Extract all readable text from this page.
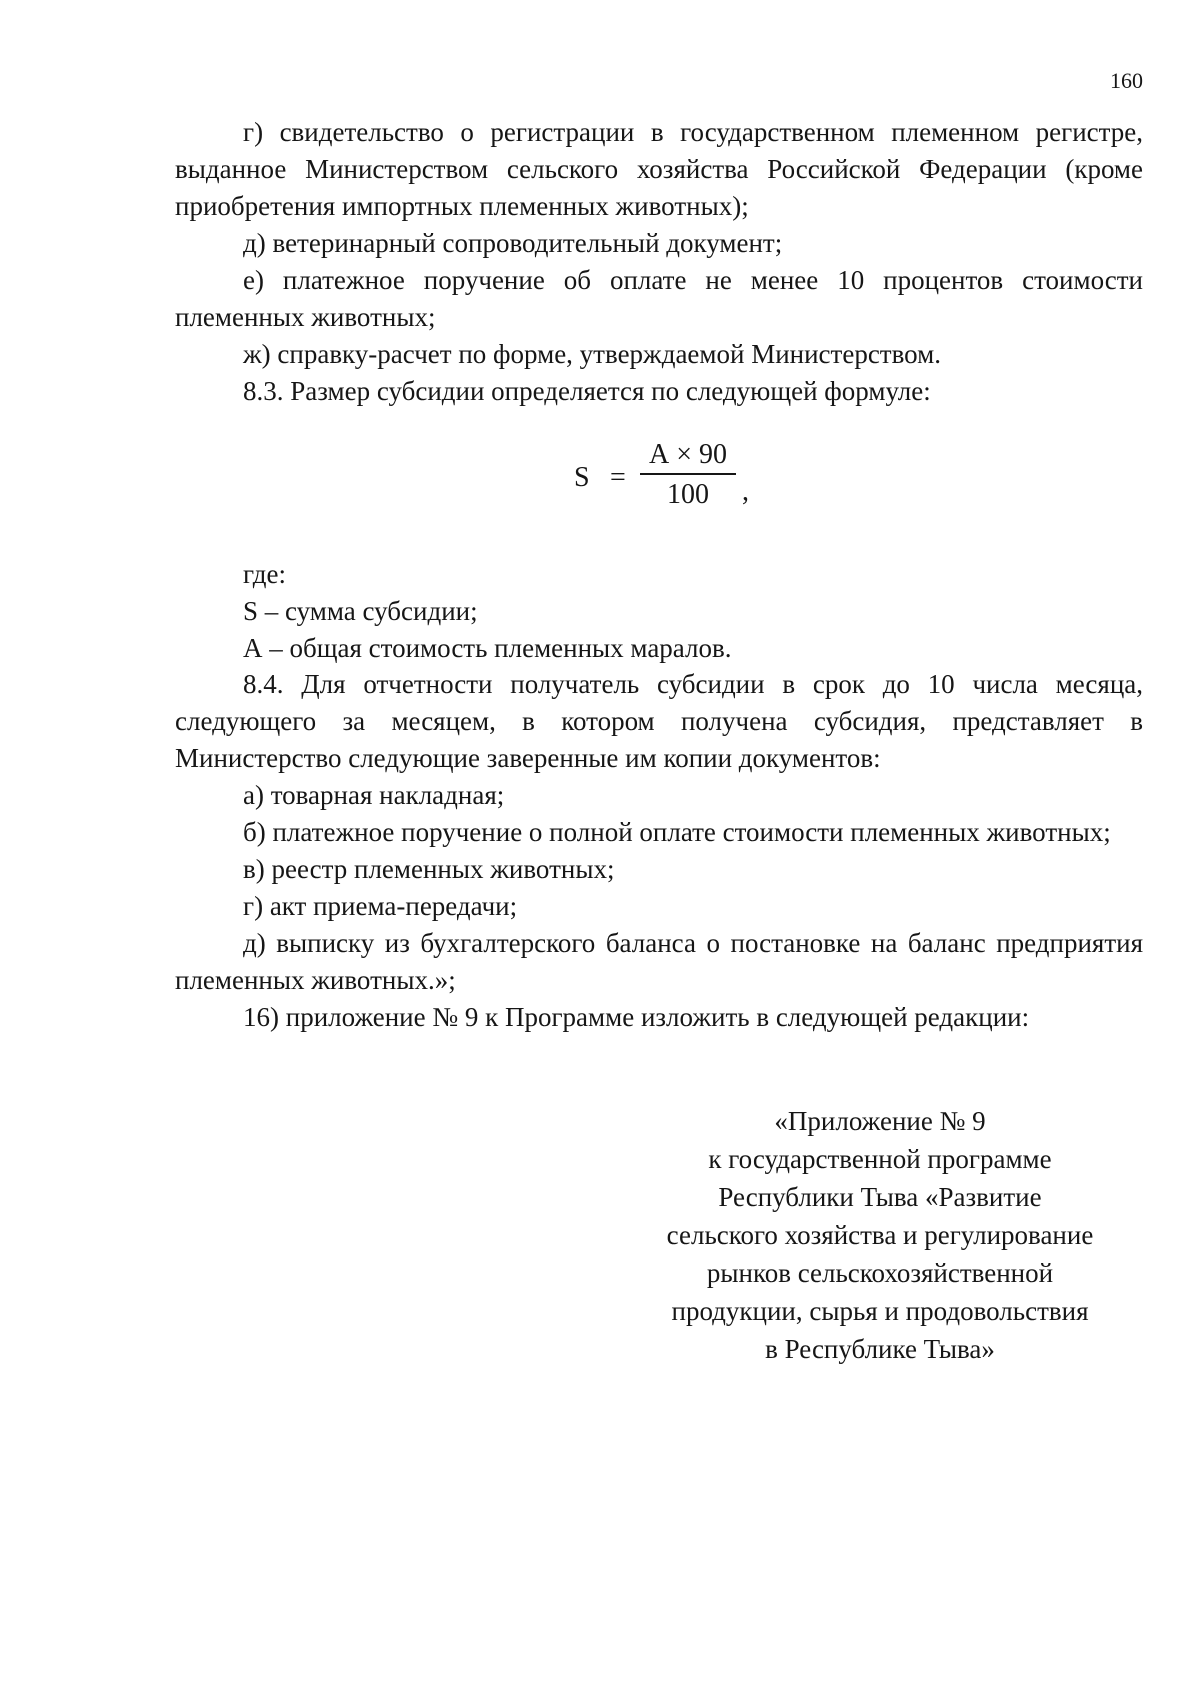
160

г) свидетельство о регистрации в государственном племенном регистре, выданное Министерством сельского хозяйства Российской Федерации (кроме приобретения импортных племенных животных);

д) ветеринарный сопроводительный документ;

е) платежное поручение об оплате не менее 10 процентов стоимости племенных животных;

ж) справку-расчет по форме, утверждаемой Министерством.

8.3. Размер субсидии определяется по следующей формуле:

S =
А × 90
100	,

где:

S – сумма субсидии;

А – общая стоимость племенных маралов.

8.4. Для отчетности получатель субсидии в срок до 10 числа месяца, следующего за месяцем, в котором получена субсидия, представляет в Министерство следующие заверенные им копии документов:

а) товарная накладная;

б) платежное поручение о полной оплате стоимости племенных животных;

в) реестр племенных животных;

г) акт приема-передачи;

д) выписку из бухгалтерского баланса о постановке на баланс предприятия племенных животных.»;

16) приложение № 9 к Программе изложить в следующей редакции:

«Приложение № 9
к государственной программе
Республики Тыва «Развитие
сельского хозяйства и регулирование
рынков сельскохозяйственной
продукции, сырья и продовольствия
в Республике Тыва»
